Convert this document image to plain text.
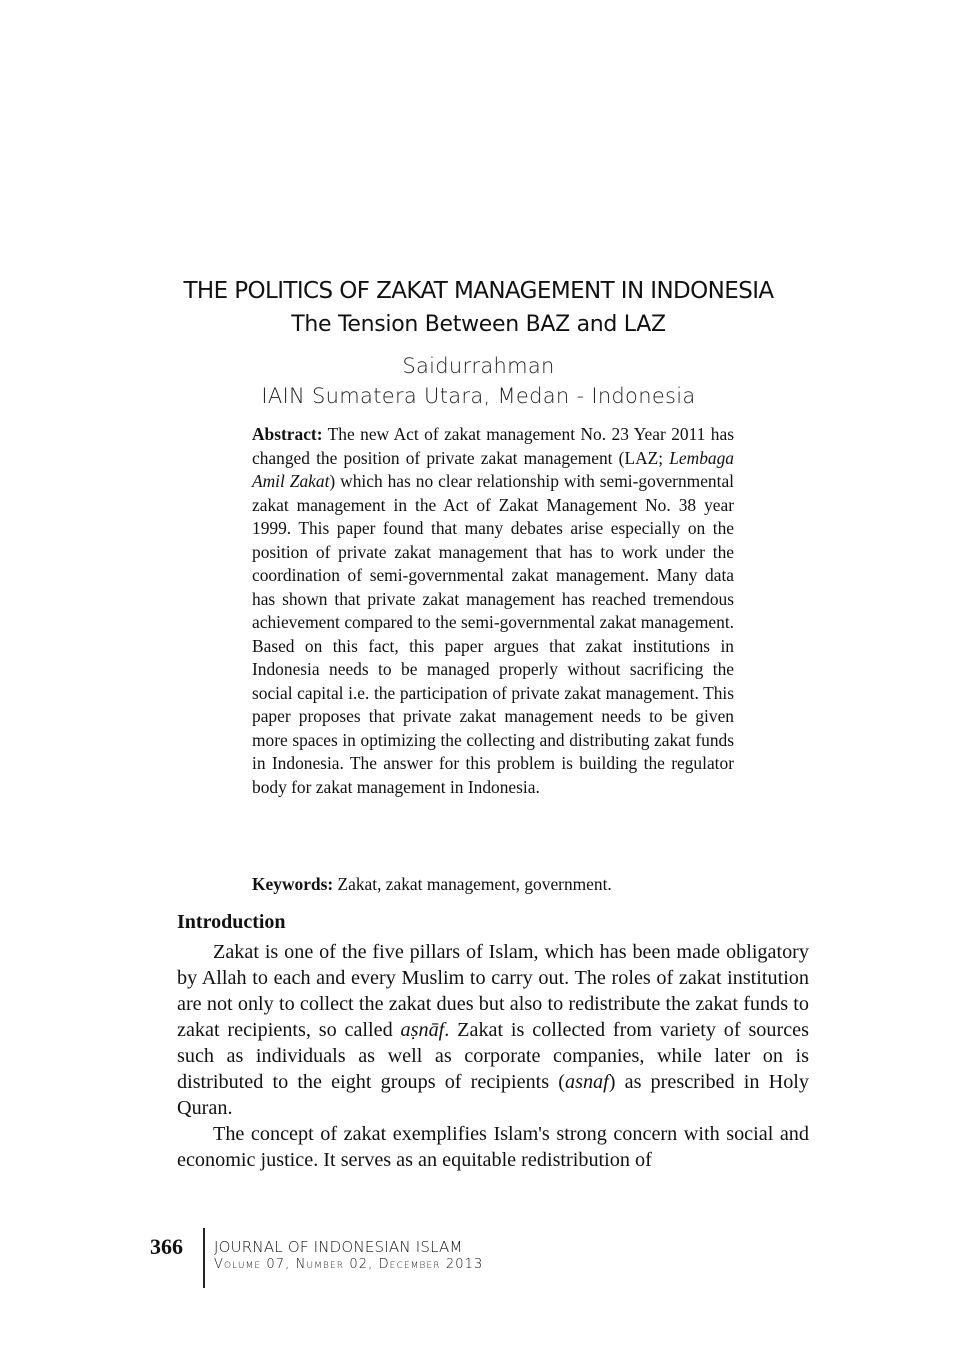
THE POLITICS OF ZAKAT MANAGEMENT IN INDONESIA
The Tension Between BAZ and LAZ
Saidurrahman
IAIN Sumatera Utara, Medan - Indonesia
Abstract: The new Act of zakat management No. 23 Year 2011 has changed the position of private zakat management (LAZ; Lembaga Amil Zakat) which has no clear relationship with semi-governmental zakat management in the Act of Zakat Management No. 38 year 1999. This paper found that many debates arise especially on the position of private zakat management that has to work under the coordination of semi-governmental zakat management. Many data has shown that private zakat management has reached tremendous achievement compared to the semi-governmental zakat management. Based on this fact, this paper argues that zakat institutions in Indonesia needs to be managed properly without sacrificing the social capital i.e. the participation of private zakat management. This paper proposes that private zakat management needs to be given more spaces in optimizing the collecting and distributing zakat funds in Indonesia. The answer for this problem is building the regulator body for zakat management in Indonesia.
Keywords: Zakat, zakat management, government.
Introduction

Zakat is one of the five pillars of Islam, which has been made obligatory by Allah to each and every Muslim to carry out. The roles of zakat institution are not only to collect the zakat dues but also to redistribute the zakat funds to zakat recipients, so called aṣnāf. Zakat is collected from variety of sources such as individuals as well as corporate companies, while later on is distributed to the eight groups of recipients (asnaf) as prescribed in Holy Quran.

The concept of zakat exemplifies Islam's strong concern with social and economic justice. It serves as an equitable redistribution of

366 JOURNAL OF INDONESIAN ISLAM
Volume 07, Number 02, December 2013
